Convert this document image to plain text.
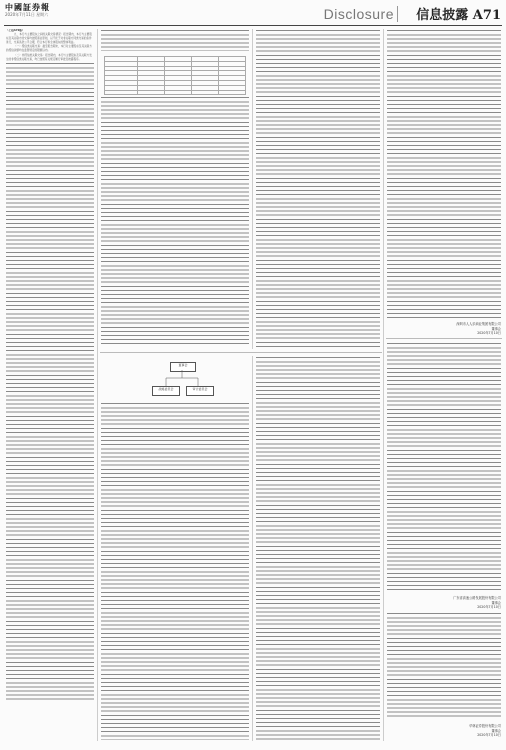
中國証券報
2020年7月11日 星期六	Disclosure 信息披露 A71

（上接A70版）

九、本行与主要股东之间的关联交易情况：报告期内，本行与主要股东及其关联方的交易均按照商业原则，以不优于对非关联方同类交易的条件进行，交易条款公平合理，符合本行和全体股东的整体利益。

（一）授信类关联交易：截至报告期末，本行对主要股东及其关联方的授信余额均在监管规定的限额以内。

（二）非授信类关联交易：报告期内，本行与主要股东及其关联方发生的非授信类关联交易，均已按照有关规定履行审批及披露程序。

深圳市人人乐商业集团有限公司
董事会
2020年7月10日
董事会
战略委员会	审计委员会
广东省高速公路发展股份有限公司
董事会
2020年7月10日
华林证券股份有限公司
董事会
2020年7月10日
